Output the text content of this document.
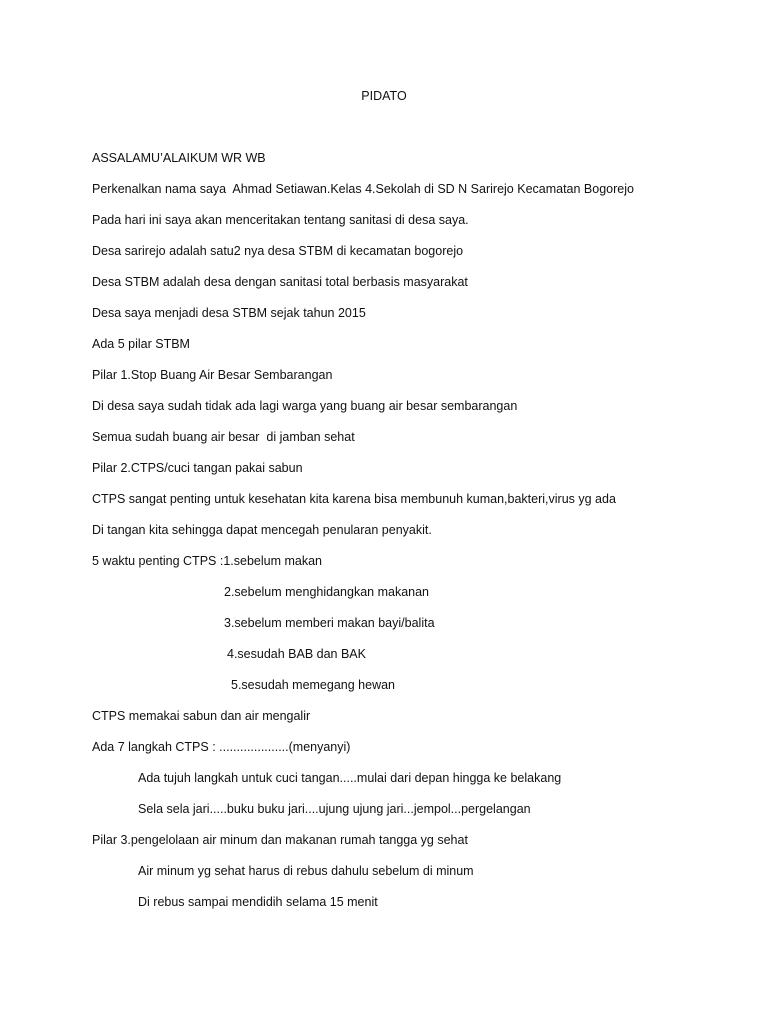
PIDATO
ASSALAMU’ALAIKUM WR WB
Perkenalkan nama saya  Ahmad Setiawan.Kelas 4.Sekolah di SD N Sarirejo Kecamatan Bogorejo
Pada hari ini saya akan menceritakan tentang sanitasi di desa saya.
Desa sarirejo adalah satu2 nya desa STBM di kecamatan bogorejo
Desa STBM adalah desa dengan sanitasi total berbasis masyarakat
Desa saya menjadi desa STBM sejak tahun 2015
Ada 5 pilar STBM
Pilar 1.Stop Buang Air Besar Sembarangan
Di desa saya sudah tidak ada lagi warga yang buang air besar sembarangan
Semua sudah buang air besar  di jamban sehat
Pilar 2.CTPS/cuci tangan pakai sabun
CTPS sangat penting untuk kesehatan kita karena bisa membunuh kuman,bakteri,virus yg ada
Di tangan kita sehingga dapat mencegah penularan penyakit.
5 waktu penting CTPS :1.sebelum makan
2.sebelum menghidangkan makanan
3.sebelum memberi makan bayi/balita
4.sesudah BAB dan BAK
5.sesudah memegang hewan
CTPS memakai sabun dan air mengalir
Ada 7 langkah CTPS : ....................(menyanyi)
Ada tujuh langkah untuk cuci tangan.....mulai dari depan hingga ke belakang
Sela sela jari.....buku buku jari....ujung ujung jari...jempol...pergelangan
Pilar 3.pengelolaan air minum dan makanan rumah tangga yg sehat
Air minum yg sehat harus di rebus dahulu sebelum di minum
Di rebus sampai mendidih selama 15 menit
